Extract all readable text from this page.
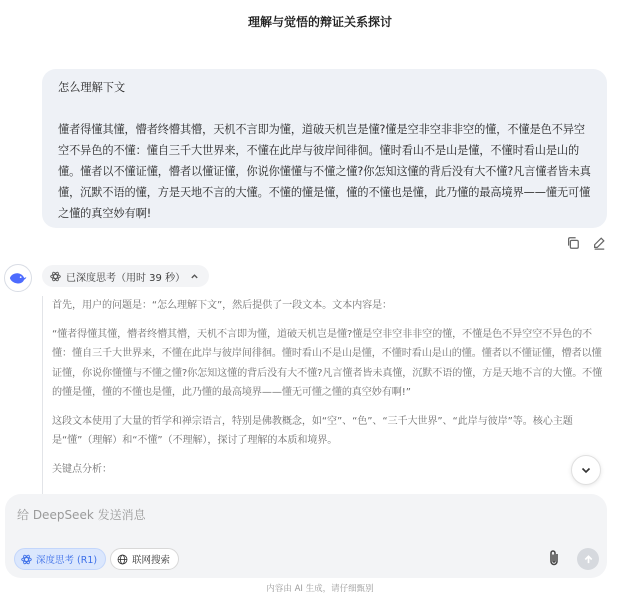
理解与觉悟的辩证关系探讨

怎么理解下文

懂者得懂其懂，懵者终懵其懵，天机不言即为懂，道破天机岂是懂?懂是空非空非非空的懂，不懂是色不异空空不异色的不懂：懂自三千大世界来，不懂在此岸与彼岸间徘徊。懂时看山不是山是懂，不懂时看山是山的懂。懂者以不懂证懂，懵者以懂证懂，你说你懂懂与不懂之懂?你怎知这懂的背后没有大不懂?凡言懂者皆未真懂，沉默不语的懂，方是天地不言的大懂。不懂的懂是懂，懂的不懂也是懂，此乃懂的最高境界——懂无可懂之懂的真空妙有啊!

已深度思考（用时 39 秒）

首先，用户的问题是：“怎么理解下文”，然后提供了一段文本。文本内容是：

“懂者得懂其懂，懵者终懵其懵，天机不言即为懂，道破天机岂是懂?懂是空非空非非空的懂，不懂是色不异空空不异色的不懂：懂自三千大世界来，不懂在此岸与彼岸间徘徊。懂时看山不是山是懂，不懂时看山是山的懂。懂者以不懂证懂，懵者以懂证懂，你说你懂懂与不懂之懂?你怎知这懂的背后没有大不懂?凡言懂者皆未真懂，沉默不语的懂，方是天地不言的大懂。不懂的懂是懂，懂的不懂也是懂，此乃懂的最高境界——懂无可懂之懂的真空妙有啊!”

这段文本使用了大量的哲学和禅宗语言，特别是佛教概念，如“空”、“色”、“三千大世界”、“此岸与彼岸”等。核心主题是“懂”（理解）和“不懂”（不理解），探讨了理解的本质和境界。

关键点分析：

给 DeepSeek 发送消息
深度思考 (R1)	联网搜索
内容由 AI 生成，请仔细甄别
